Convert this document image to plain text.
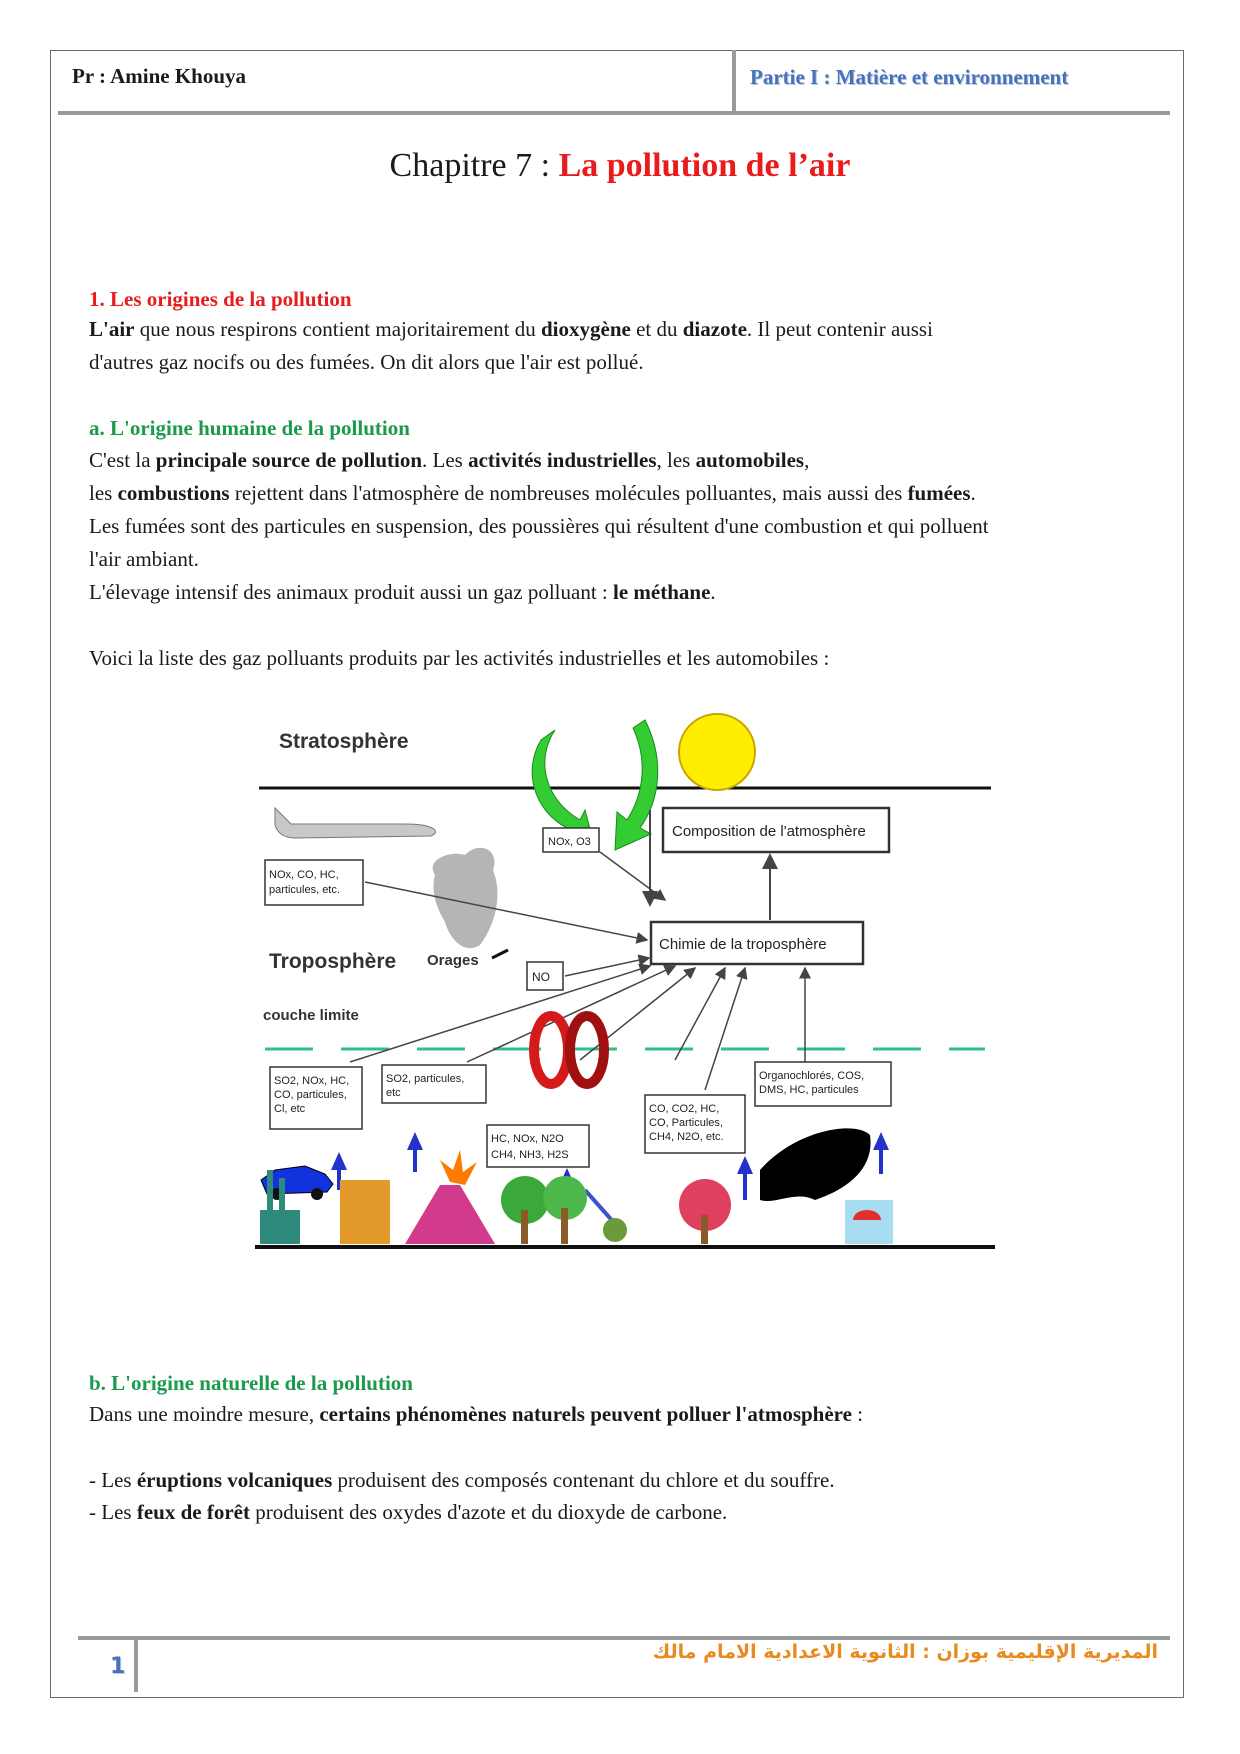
Pr : Amine Khouya	Partie I : Matière et environnement
Chapitre 7 : La pollution de l’air
1. Les origines de la pollution
L'air que nous respirons contient majoritairement du dioxygène et du diazote. Il peut contenir aussi
d'autres gaz nocifs ou des fumées. On dit alors que l'air est pollué.
a. L'origine humaine de la pollution
C'est la principale source de pollution. Les activités industrielles, les automobiles,
les combustions rejettent dans l'atmosphère de nombreuses molécules polluantes, mais aussi des fumées.
Les fumées sont des particules en suspension, des poussières qui résultent d'une combustion et qui polluent
l'air ambiant.
L'élevage intensif des animaux produit aussi un gaz polluant : le méthane.
Voici la liste des gaz polluants produits par les activités industrielles et les automobiles :
Stratosphère
NOx, O3
Composition de l'atmosphère
NOx, CO, HC,
particules, etc.
Orages
Troposphère
NO
Chimie de la troposphère
couche limite
SO2, NOx, HC,
CO, particules,
Cl, etc
SO2, particules,
etc
HC, NOx, N2O
CH4, NH3, H2S
CO, CO2, HC,
CO, Particules,
CH4, N2O, etc.
Organochlorés, COS,
DMS, HC, particules
b. L'origine naturelle de la pollution
Dans une moindre mesure, certains phénomènes naturels peuvent polluer l'atmosphère :
- Les éruptions volcaniques produisent des composés contenant du chlore et du souffre.
- Les feux de forêt produisent des oxydes d'azote et du dioxyde de carbone.
1
المديرية الإقليمية بوزان : الثانوية الاعدادية الامام مالك
